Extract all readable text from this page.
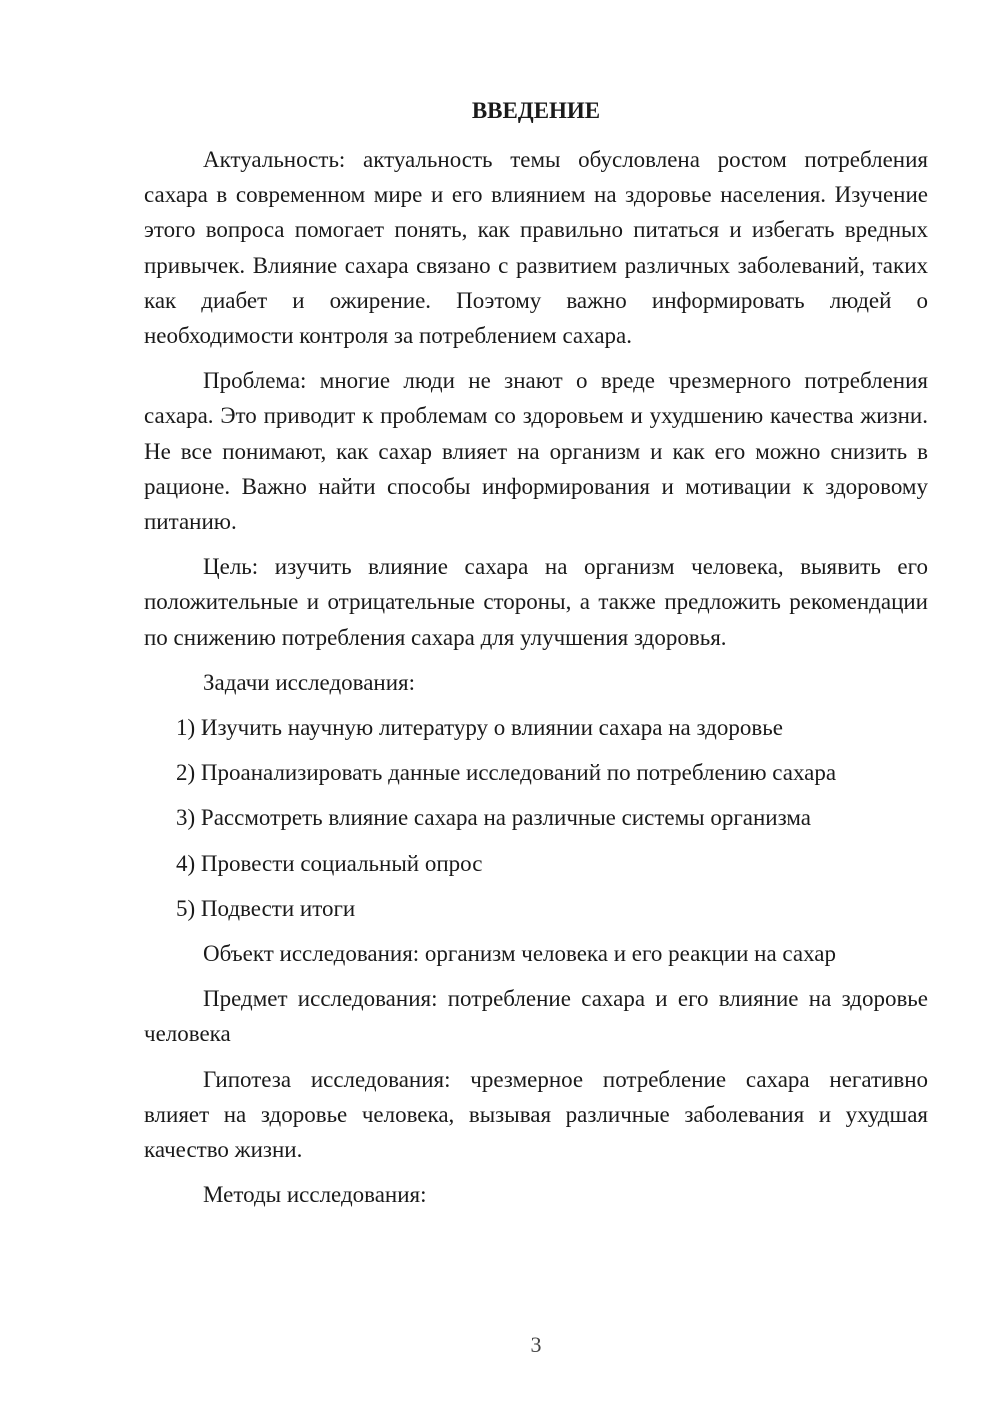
ВВЕДЕНИЕ

Актуальность: актуальность темы обусловлена ростом потребления сахара в современном мире и его влиянием на здоровье населения. Изучение этого вопроса помогает понять, как правильно питаться и избегать вредных привычек. Влияние сахара связано с развитием различных заболеваний, таких как диабет и ожирение. Поэтому важно информировать людей о необходимости контроля за потреблением сахара.

Проблема: многие люди не знают о вреде чрезмерного потребления сахара. Это приводит к проблемам со здоровьем и ухудшению качества жизни. Не все понимают, как сахар влияет на организм и как его можно снизить в рационе. Важно найти способы информирования и мотивации к здоровому питанию.

Цель: изучить влияние сахара на организм человека, выявить его положительные и отрицательные стороны, а также предложить рекомендации по снижению потребления сахара для улучшения здоровья.

Задачи исследования:

1) Изучить научную литературу о влиянии сахара на здоровье

2) Проанализировать данные исследований по потреблению сахара

3) Рассмотреть влияние сахара на различные системы организма

4) Провести социальный опрос

5) Подвести итоги

Объект исследования: организм человека и его реакции на сахар

Предмет исследования: потребление сахара и его влияние на здоровье человека

Гипотеза исследования: чрезмерное потребление сахара негативно влияет на здоровье человека, вызывая различные заболевания и ухудшая качество жизни.

Методы исследования:

3
